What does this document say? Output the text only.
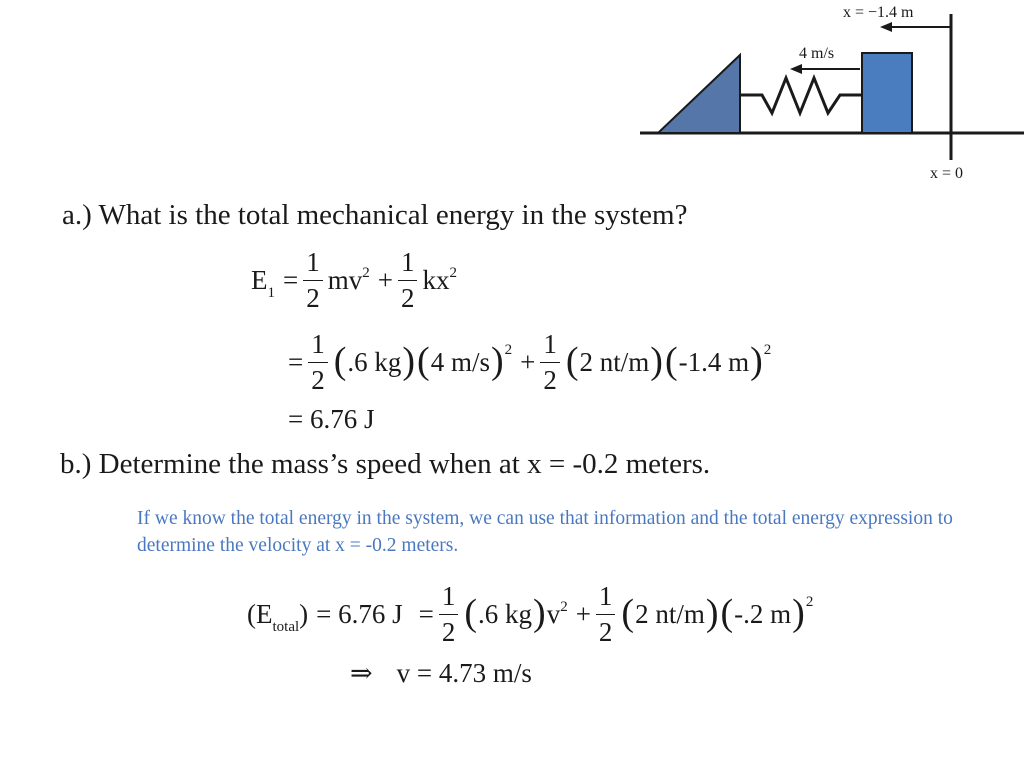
x = −1.4 m
4 m/s
x = 0
a.) What is the total mechanical energy in the system?
$E_1 = \frac{1}{2} mv^2 + \frac{1}{2} kx^2$
= $\frac{1}{2}$ ( .6 kg ) ( 4 m/s )$^2 + \frac{1}{2}$ ( 2 nt/m ) ( -1.4 m )$^2$
= 6.76 J
b.) Determine the mass’s speed when at x = -0.2 meters.
If we know the total energy in the system, we can use that information and the total energy expression to determine the velocity at x = -0.2 meters.
$(E_{total}) = 6.76$ $J = \frac{1}{2}$ ( .6 kg ) $v^2 + \frac{1}{2}$ ( 2 nt/m ) ( -.2 m )$^2$
⇒ v = 4.73 m/s
